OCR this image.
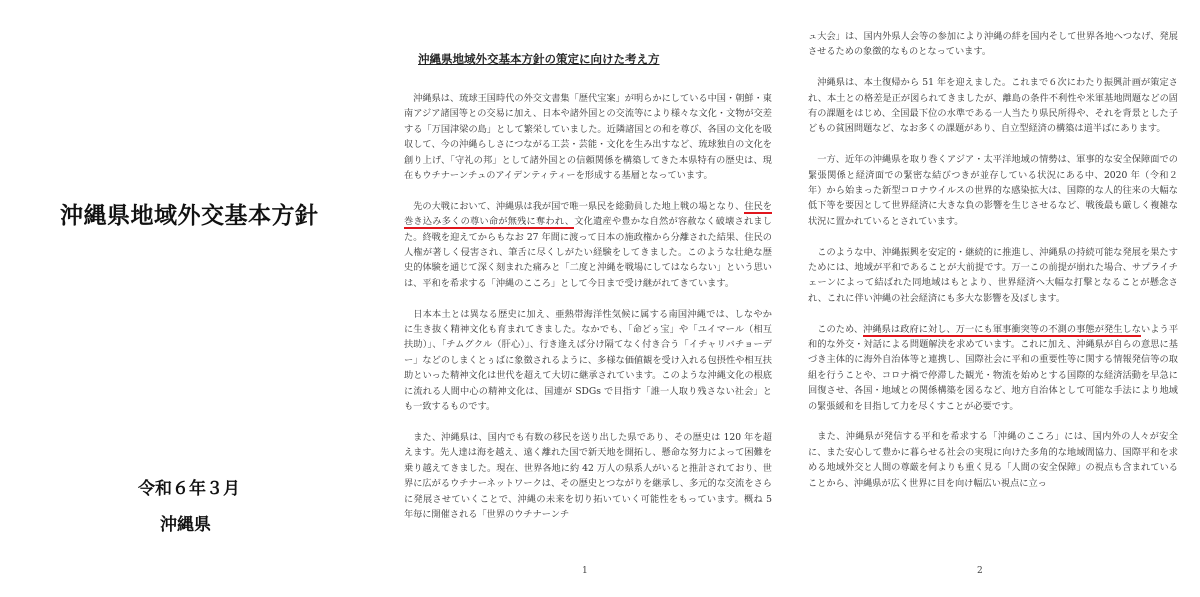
沖縄県地域外交基本方針
令和６年３月
沖縄県
沖縄県地域外交基本方針の策定に向けた考え方

沖縄県は、琉球王国時代の外交文書集「歴代宝案」が明らかにしている中国・朝鮮・東南アジア諸国等との交易に加え、日本や諸外国との交流等により様々な文化・文物が交差する「万国津梁の島」として繁栄していました。近隣諸国との和を尊び、各国の文化を吸収して、今の沖縄らしさにつながる工芸・芸能・文化を生み出すなど、琉球独自の文化を創り上げ、「守礼の邦」として諸外国との信頼関係を構築してきた本県特有の歴史は、現在もウチナーンチュのアイデンティティーを形成する基層となっています。

先の大戦において、沖縄県は我が国で唯一県民を総動員した地上戦の場となり、住民を巻き込み多くの尊い命が無残に奪われ、文化遺産や豊かな自然が容赦なく破壊されました。終戦を迎えてからもなお 27 年間に渡って日本の施政権から分離された結果、住民の人権が著しく侵害され、筆舌に尽くしがたい経験をしてきました。このような壮絶な歴史的体験を通じて深く刻まれた痛みと「二度と沖縄を戦場にしてはならない」という思いは、平和を希求する「沖縄のこころ」として今日まで受け継がれてきています。

日本本土とは異なる歴史に加え、亜熱帯海洋性気候に属する南国沖縄では、しなやかに生き抜く精神文化も育まれてきました。なかでも、「命どぅ宝」や「ユイマール（相互扶助）」、「チムグクル（肝心）」、行き逢えば分け隔てなく付き合う「イチャリバチョーデー」などのしまくとぅばに象徴されるように、多様な価値観を受け入れる包摂性や相互扶助といった精神文化は世代を超えて大切に継承されています。このような沖縄文化の根底に流れる人間中心の精神文化は、国連が SDGs で目指す「誰一人取り残さない社会」とも一致するものです。

また、沖縄県は、国内でも有数の移民を送り出した県であり、その歴史は 120 年を超えます。先人達は海を越え、遠く離れた国で新天地を開拓し、懸命な努力によって困難を乗り越えてきました。現在、世界各地に約 42 万人の県系人がいると推計されており、世界に広がるウチナーネットワークは、その歴史とつながりを継承し、多元的な交流をさらに発展させていくことで、沖縄の未来を切り拓いていく可能性をもっています。概ね 5 年毎に開催される「世界のウチナーンチ

1

ュ大会」は、国内外県人会等の参加により沖縄の絆を国内そして世界各地へつなげ、発展させるための象徴的なものとなっています。

沖縄県は、本土復帰から 51 年を迎えました。これまで６次にわたり振興計画が策定され、本土との格差是正が図られてきましたが、離島の条件不利性や米軍基地問題などの固有の課題をはじめ、全国最下位の水準である一人当たり県民所得や、それを背景とした子どもの貧困問題など、なお多くの課題があり、自立型経済の構築は道半ばにあります。

一方、近年の沖縄県を取り巻くアジア・太平洋地域の情勢は、軍事的な安全保障面での緊張関係と経済面での緊密な結びつきが並存している状況にある中、2020 年（令和２年）から始まった新型コロナウイルスの世界的な感染拡大は、国際的な人的往来の大幅な低下等を要因として世界経済に大きな負の影響を生じさせるなど、戦後最も厳しく複雑な状況に置かれているとされています。

このような中、沖縄振興を安定的・継続的に推進し、沖縄県の持続可能な発展を果たすためには、地域が平和であることが大前提です。万一この前提が崩れた場合、サプライチェーンによって結ばれた同地域はもとより、世界経済へ大幅な打撃となることが懸念され、これに伴い沖縄の社会経済にも多大な影響を及ぼします。

このため、沖縄県は政府に対し、万一にも軍事衝突等の不測の事態が発生しないよう平和的な外交・対話による問題解決を求めています。これに加え、沖縄県が自らの意思に基づき主体的に海外自治体等と連携し、国際社会に平和の重要性等に関する情報発信等の取組を行うことや、コロナ禍で停滞した観光・物流を始めとする国際的な経済活動を早急に回復させ、各国・地域との関係構築を図るなど、地方自治体として可能な手法により地域の緊張緩和を目指して力を尽くすことが必要です。

また、沖縄県が発信する平和を希求する「沖縄のこころ」には、国内外の人々が安全に、また安心して豊かに暮らせる社会の実現に向けた多角的な地域間協力、国際平和を求める地域外交と人間の尊厳を何よりも重く見る「人間の安全保障」の視点も含まれていることから、沖縄県が広く世界に目を向け幅広い視点に立っ

2
